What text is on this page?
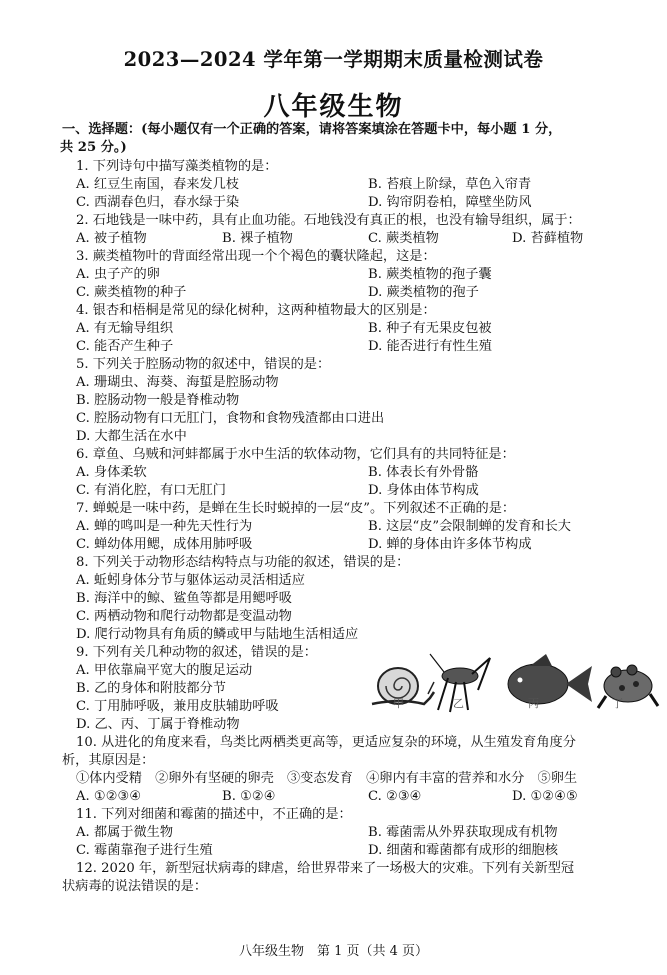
2023—2024 学年第一学期期末质量检测试卷
八年级生物
一、选择题：(每小题仅有一个正确的答案，请将答案填涂在答题卡中，每小题 1 分，
共 25 分。)
1. 下列诗句中描写藻类植物的是：
A. 红豆生南国，春来发几枝	B. 苔痕上阶绿，草色入帘青
C. 西湖春色归，春水绿于染	D. 钩帘阴卷柏，障壁坐防风
2. 石地钱是一味中药，具有止血功能。石地钱没有真正的根，也没有输导组织，属于：
A. 被子植物	B. 裸子植物	C. 蕨类植物	D. 苔藓植物
3. 蕨类植物叶的背面经常出现一个个褐色的囊状隆起，这是：
A. 虫子产的卵	B. 蕨类植物的孢子囊
C. 蕨类植物的种子	D. 蕨类植物的孢子
4. 银杏和梧桐是常见的绿化树种，这两种植物最大的区别是：
A. 有无输导组织	B. 种子有无果皮包被
C. 能否产生种子	D. 能否进行有性生殖
5. 下列关于腔肠动物的叙述中，错误的是：
A. 珊瑚虫、海葵、海蜇是腔肠动物
B. 腔肠动物一般是脊椎动物
C. 腔肠动物有口无肛门，食物和食物残渣都由口进出
D. 大都生活在水中
6. 章鱼、乌贼和河蚌都属于水中生活的软体动物，它们具有的共同特征是：
A. 身体柔软	B. 体表长有外骨骼
C. 有消化腔，有口无肛门	D. 身体由体节构成
7. 蝉蜕是一味中药，是蝉在生长时蜕掉的一层“皮”。下列叙述不正确的是：
A. 蝉的鸣叫是一种先天性行为	B. 这层“皮”会限制蝉的发育和长大
C. 蝉幼体用鳃，成体用肺呼吸	D. 蝉的身体由许多体节构成
8. 下列关于动物形态结构特点与功能的叙述，错误的是：
A. 蚯蚓身体分节与躯体运动灵活相适应
B. 海洋中的鲸、鲨鱼等都是用鳃呼吸
C. 两栖动物和爬行动物都是变温动物
D. 爬行动物具有角质的鳞或甲与陆地生活相适应
9. 下列有关几种动物的叙述，错误的是：
A. 甲依靠扁平宽大的腹足运动
B. 乙的身体和附肢都分节
C. 丁用肺呼吸，兼用皮肤辅助呼吸
D. 乙、丙、丁属于脊椎动物
甲	乙	丙	丁
10. 从进化的角度来看，鸟类比两栖类更高等，更适应复杂的环境，从生殖发育角度分
析，其原因是：
①体内受精　②卵外有坚硬的卵壳　③变态发育　④卵内有丰富的营养和水分　⑤卵生
A. ①②③④	B. ①②④	C. ②③④	D. ①②④⑤
11. 下列对细菌和霉菌的描述中，不正确的是：
A. 都属于微生物	B. 霉菌需从外界获取现成有机物
C. 霉菌靠孢子进行生殖	D. 细菌和霉菌都有成形的细胞核
12. 2020 年，新型冠状病毒的肆虐，给世界带来了一场极大的灾难。下列有关新型冠
状病毒的说法错误的是：
八年级生物　第 1 页（共 4 页）
